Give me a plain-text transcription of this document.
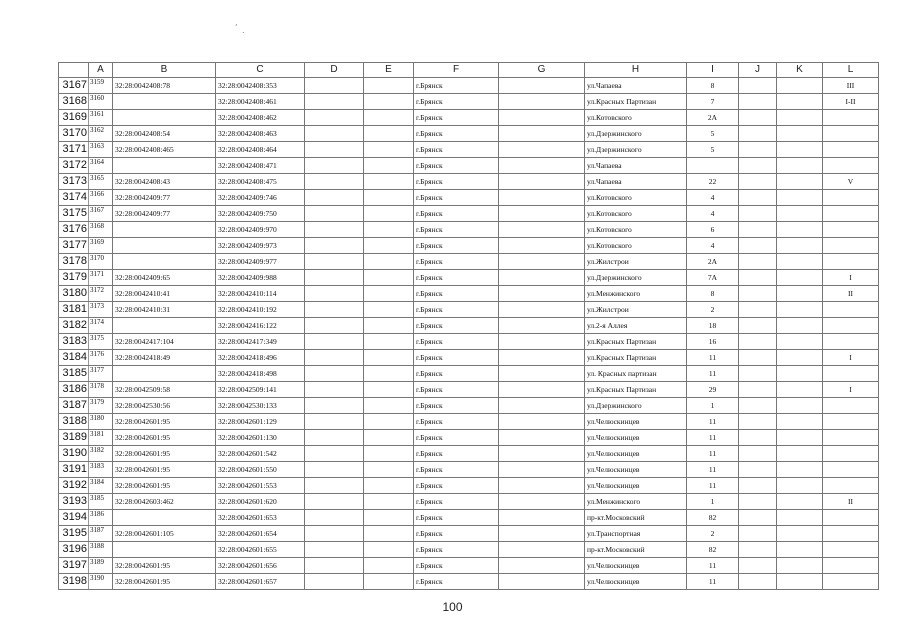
,
.
	A	B	C	D	E	F	G	H	I	J	K	L
3167	3159	32:28:0042408:78	32:28:0042408:353			г.Брянск		ул.Чапаева	8			III
3168	3160		32:28:0042408:461			г.Брянск		ул.Красных Партизан	7			I-II
3169	3161		32:28:0042408:462			г.Брянск		ул.Котовского	2А			
3170	3162	32:28:0042408:54	32:28:0042408:463			г.Брянск		ул.Дзержинского	5			
3171	3163	32:28:0042408:465	32:28:0042408:464			г.Брянск		ул.Дзержинского	5			
3172	3164		32:28:0042408:471			г.Брянск		ул.Чапаева				
3173	3165	32:28:0042408:43	32:28:0042408:475			г.Брянск		ул.Чапаева	22			V
3174	3166	32:28:0042409:77	32:28:0042409:746			г.Брянск		ул.Котовского	4			
3175	3167	32:28:0042409:77	32:28:0042409:750			г.Брянск		ул.Котовского	4			
3176	3168		32:28:0042409:970			г.Брянск		ул.Котовского	6			
3177	3169		32:28:0042409:973			г.Брянск		ул.Котовского	4			
3178	3170		32:28:0042409:977			г.Брянск		ул.Жилстрои	2А			
3179	3171	32:28:0042409:65	32:28:0042409:988			г.Брянск		ул.Дзержинского	7А			I
3180	3172	32:28:0042410:41	32:28:0042410:114			г.Брянск		ул.Менжинского	8			II
3181	3173	32:28:0042410:31	32:28:0042410:192			г.Брянск		ул.Жилстрои	2			
3182	3174		32:28:0042416:122			г.Брянск		ул.2-я Аллея	18			
3183	3175	32:28:0042417:104	32:28:0042417:349			г.Брянск		ул.Красных Партизан	16			
3184	3176	32:28:0042418:49	32:28:0042418:496			г.Брянск		ул.Красных Партизан	11			I
3185	3177		32:28:0042418:498			г.Брянск		ул. Красных партизан	11			
3186	3178	32:28:0042509:58	32:28:0042509:141			г.Брянск		ул.Красных Партизан	29			I
3187	3179	32:28:0042530:56	32:28:0042530:133			г.Брянск		ул.Дзержинского	1			
3188	3180	32:28:0042601:95	32:28:0042601:129			г.Брянск		ул.Челюскинцев	11			
3189	3181	32:28:0042601:95	32:28:0042601:130			г.Брянск		ул.Челюскинцев	11			
3190	3182	32:28:0042601:95	32:28:0042601:542			г.Брянск		ул.Челюскинцев	11			
3191	3183	32:28:0042601:95	32:28:0042601:550			г.Брянск		ул.Челюскинцев	11			
3192	3184	32:28:0042601:95	32:28:0042601:553			г.Брянск		ул.Челюскинцев	11			
3193	3185	32:28:0042603:462	32:28:0042601:620			г.Брянск		ул.Менжинского	1			II
3194	3186		32:28:0042601:653			г.Брянск		пр-кт.Московский	82			
3195	3187	32:28:0042601:105	32:28:0042601:654			г.Брянск		ул.Транспортная	2			
3196	3188		32:28:0042601:655			г.Брянск		пр-кт.Московский	82			
3197	3189	32:28:0042601:95	32:28:0042601:656			г.Брянск		ул.Челюскинцев	11			
3198	3190	32:28:0042601:95	32:28:0042601:657			г.Брянск		ул.Челюскинцев	11			
100
